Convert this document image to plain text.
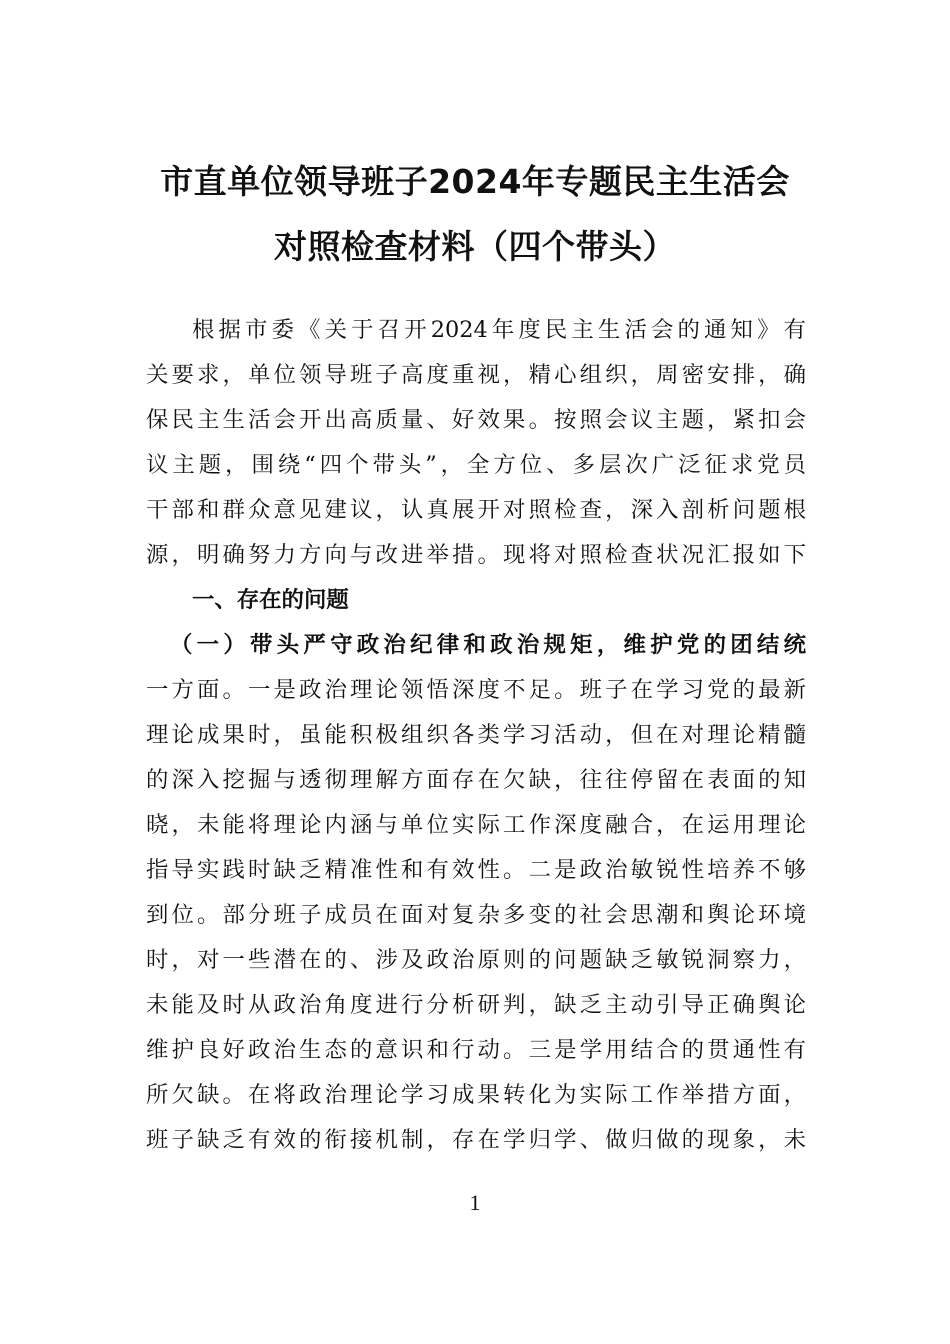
市直单位领导班子2024年专题民主生活会
对照检查材料（四个带头）
根据市委《关于召开2024年度民主生活会的通知》有
关要求，单位领导班子高度重视，精心组织，周密安排，确
保民主生活会开出高质量、好效果。按照会议主题，紧扣会
议主题，围绕“四个带头”，全方位、多层次广泛征求党员
干部和群众意见建议，认真展开对照检查，深入剖析问题根
源，明确努力方向与改进举措。现将对照检查状况汇报如下
一、存在的问题
（一）带头严守政治纪律和政治规矩，维护党的团结统
一方面。一是政治理论领悟深度不足。班子在学习党的最新
理论成果时，虽能积极组织各类学习活动，但在对理论精髓
的深入挖掘与透彻理解方面存在欠缺，往往停留在表面的知
晓，未能将理论内涵与单位实际工作深度融合，在运用理论
指导实践时缺乏精准性和有效性。二是政治敏锐性培养不够
到位。部分班子成员在面对复杂多变的社会思潮和舆论环境
时，对一些潜在的、涉及政治原则的问题缺乏敏锐洞察力，
未能及时从政治角度进行分析研判，缺乏主动引导正确舆论
维护良好政治生态的意识和行动。三是学用结合的贯通性有
所欠缺。在将政治理论学习成果转化为实际工作举措方面，
班子缺乏有效的衔接机制，存在学归学、做归做的现象，未
1
